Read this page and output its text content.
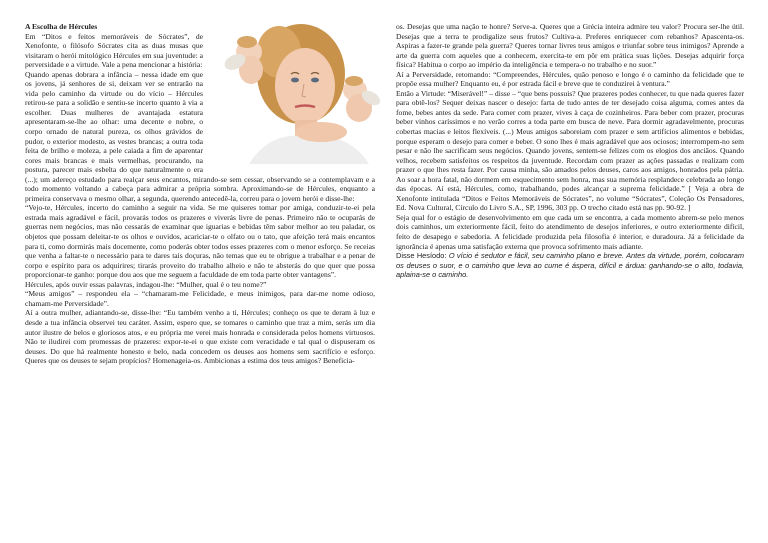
A Escolha de Hércules

Em “Ditos e feitos memoráveis de Sócrates”, de Xenofonte, o filósofo Sócrates cita as duas musas que visitaram o herói mitológico Hércules em sua juventude: a perversidade e a virtude. Vale a pena mencionar a história:

Quando apenas dobrara a infância – nessa idade em que os jovens, já senhores de si, deixam ver se entrarão na vida pelo caminho da virtude ou do vício – Hércules retirou-se para a solidão e sentiu-se incerto quanto à via a escolher. Duas mulheres de avantajada estatura apresentaram-se-lhe ao olhar: uma decente e nobre, o corpo ornado de natural pureza, os olhos grávidos de pudor, o exterior modesto, as vestes brancas; a outra toda feita de brilho e moleza, a pele caiada a fim de aparentar cores mais brancas e mais vermelhas, procurando, na postura, parecer mais esbelta do que naturalmente o era (...); um adereço estudado para realçar seus encantos, mirando-se sem cessar, observando se a contemplavam e a todo momento voltando a cabeça para admirar a própria sombra. Aproximando-se de Hércules, enquanto a primeira conservava o mesmo olhar, a segunda, querendo antecedê-la, correu para o jovem herói e disse-lhe:

“Vejo-te, Hércules, incerto do caminho a seguir na vida. Se me quiseres tomar por amiga, conduzir-te-ei pela estrada mais agradável e fácil, provarás todos os prazeres e viverás livre de penas. Primeiro não te ocuparás de guerras nem negócios, mas não cessarás de examinar que iguarias e bebidas têm sabor melhor ao teu paladar, os objetos que possam deleitar-te os olhos e ouvidos, acariciar-te o olfato ou o tato, que afeição terá mais encantos para ti, como dormirás mais docemente, como poderás obter todos esses prazeres com o menor esforço. Se receias que venha a faltar-te o necessário para te dares tais doçuras, não temas que eu te obrigue a trabalhar e a penar de corpo e espírito para os adquirires; tirarás proveito do trabalho alheio e não te absterás do que quer que possa proporcionar-te ganho: porque dou aos que me seguem a faculdade de em toda parte obter vantagens”.

Hércules, após ouvir essas palavras, indagou-lhe: “Mulher, qual é o teu nome?”

“Meus amigos” – respondeu ela – “chamaram-me Felicidade, e meus inimigos, para dar-me nome odioso, chamam-me Perversidade”.

Aí a outra mulher, adiantando-se, disse-lhe: “Eu também venho a ti, Hércules; conheço os que te deram à luz e desde a tua infância observei teu caráter. Assim, espero que, se tomares o caminho que traz a mim, serás um dia autor ilustre de belos e gloriosos atos, e eu própria me verei mais honrada e considerada pelos homens virtuosos. Não te iludirei com promessas de prazeres: expor-te-ei o que existe com veracidade e tal qual o dispuseram os deuses. Do que há realmente honesto e belo, nada concedem os deuses aos homens sem sacrifício e esforço. Queres que os deuses te sejam propícios? Homenageia-os. Ambicionas a estima dos teus amigos? Beneficia-

os. Desejas que uma nação te honre? Serve-a. Queres que a Grécia inteira admire teu valor? Procura ser-lhe útil. Desejas que a terra te prodigalize seus frutos? Cultiva-a. Preferes enriquecer com rebanhos? Apascenta-os. Aspiras a fazer-te grande pela guerra? Queres tornar livres teus amigos e triunfar sobre teus inimigos? Aprende a arte da guerra com aqueles que a conhecem, exercita-te em pôr em prática suas lições. Desejas adquirir força física? Habitua o corpo ao império da inteligência e tempera-o no trabalho e no suor.”

Aí a Perversidade, retomando: “Compreendes, Hércules, quão penoso e longo é o caminho da felicidade que te propõe essa mulher? Enquanto eu, é por estrada fácil e breve que te conduzirei à ventura.”

Então a Virtude: “Miserável!” – disse – “que bens possuis? Que prazeres podes conhecer, tu que nada queres fazer para obtê-los? Sequer deixas nascer o desejo: farta de tudo antes de ter desejado coisa alguma, comes antes da fome, bebes antes da sede. Para comer com prazer, vives à caça de cozinheiros. Para beber com prazer, procuras beber vinhos caríssimos e no verão corres a toda parte em busca de neve. Para dormir agradavelmente, procuras cobertas macias e leitos flexíveis. (...) Meus amigos saboreiam com prazer e sem artifícios alimentos e bebidas, porque esperam o desejo para comer e beber. O sono lhes é mais agradável que aos ociosos; interrompem-no sem pesar e não lhe sacrificam seus negócios. Quando jovens, sentem-se felizes com os elogios dos anciãos. Quando velhos, recebem satisfeitos os respeitos da juventude. Recordam com prazer as ações passadas e realizam com prazer o que lhes resta fazer. Por causa minha, são amados pelos deuses, caros aos amigos, honrados pela pátria. Ao soar a hora fatal, não dormem em esquecimento sem honra, mas sua memória resplandece celebrada ao longo das épocas. Aí está, Hércules, como, trabalhando, podes alcançar a suprema felicidade.” [ Veja a obra de Xenofonte intitulada “Ditos e Feitos Memoráveis de Sócrates”, no volume “Sócrates”, Coleção Os Pensadores, Ed. Nova Cultural, Círculo do Livro S.A., SP, 1996, 303 pp. O trecho citado está nas pp. 90-92. ]

Seja qual for o estágio de desenvolvimento em que cada um se encontra, a cada momento abrem-se pelo menos dois caminhos, um exteriormente fácil, feito do atendimento de desejos inferiores, e outro exteriormente difícil, feito de desapego e sabedoria. A felicidade produzida pela filosofia é interior, e duradoura. Já a felicidade da ignorância é apenas uma satisfação externa que provoca sofrimento mais adiante.

Disse Hesíodo: O vício é sedutor e fácil, seu caminho plano e breve. Antes da virtude, porém, colocaram os deuses o suor, e o caminho que leva ao cume é áspera, difícil e árdua: ganhando-se o alto, todavia, aplaina-se o caminho.
